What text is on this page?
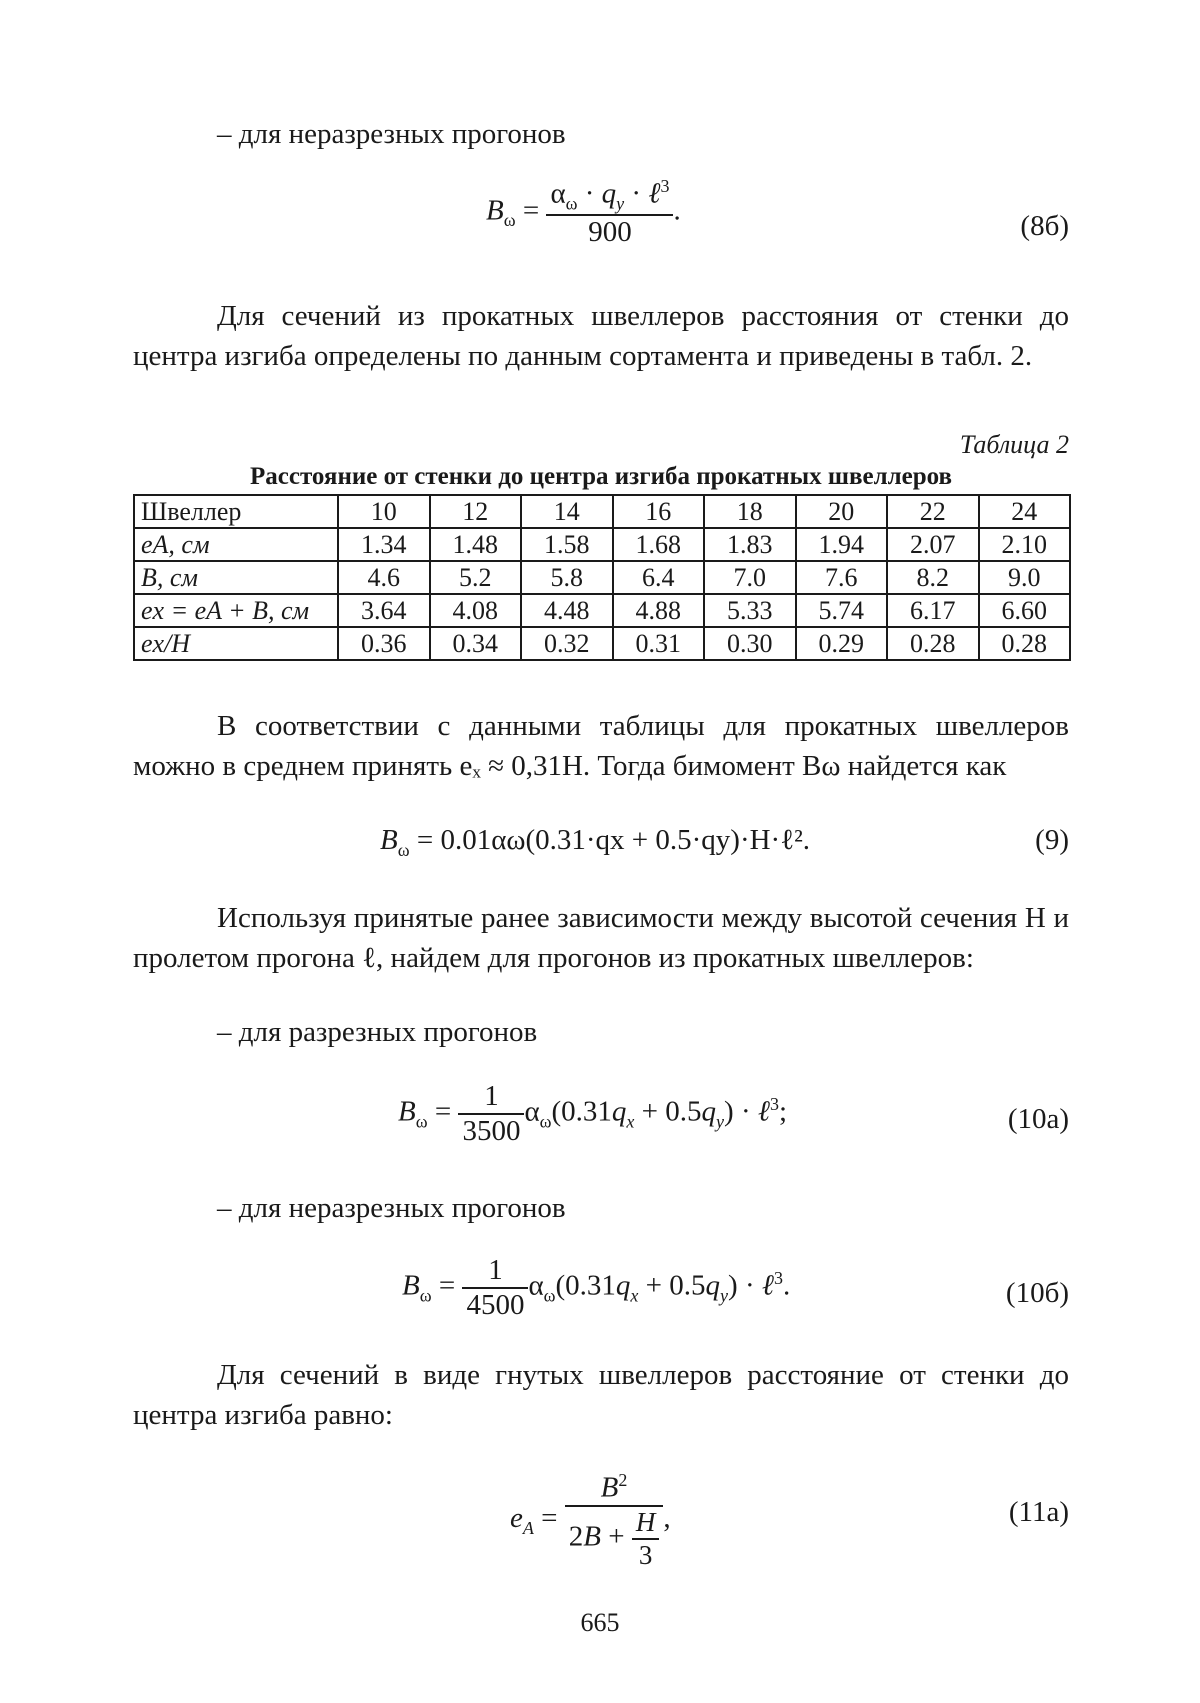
– для неразрезных прогонов
$B_\omega = \frac{\alpha_\omega \cdot q_y \cdot \ell^3}{900}$ .	(8б)
Для сечений из прокатных швеллеров расстояния от стенки до центра изгиба определены по данным сортамента и приведены в табл. 2.
Таблица 2
Расстояние от стенки до центра изгиба прокатных швеллеров
Швеллер	10	12	14	16	18	20	22	24
eA, см	1.34	1.48	1.58	1.68	1.83	1.94	2.07	2.10
B, см	4.6	5.2	5.8	6.4	7.0	7.6	8.2	9.0
ex = eA + B, см	3.64	4.08	4.48	4.88	5.33	5.74	6.17	6.60
ex/H	0.36	0.34	0.32	0.31	0.30	0.29	0.28	0.28
В соответствии с данными таблицы для прокатных швеллеров можно в среднем принять eₓ ≈ 0,31H. Тогда бимомент Bω найдется как
$B_\omega = 0.01\alpha\omega(0.31\cdot qx$ + 0.5·qy)·H·ℓ².	(9)
Используя принятые ранее зависимости между высотой сечения H и пролетом прогона ℓ, найдем для прогонов из прокатных швеллеров:
– для разрезных прогонов
$B_\omega = \frac{1}{3500} \alpha_\omega(0.31q_x + 0.5q_y)$ · ℓ$^3$;	(10а)
– для неразрезных прогонов
$B_\omega = \frac{1}{4500} \alpha_\omega(0.31q_x + 0.5q_y)$ · ℓ$^3$.	(10б)
Для сечений в виде гнутых швеллеров расстояние от стенки до центра изгиба равно:
$e_A = \frac{B^2}{2B + \frac{H}{3}}$ ,	(11а)
665
